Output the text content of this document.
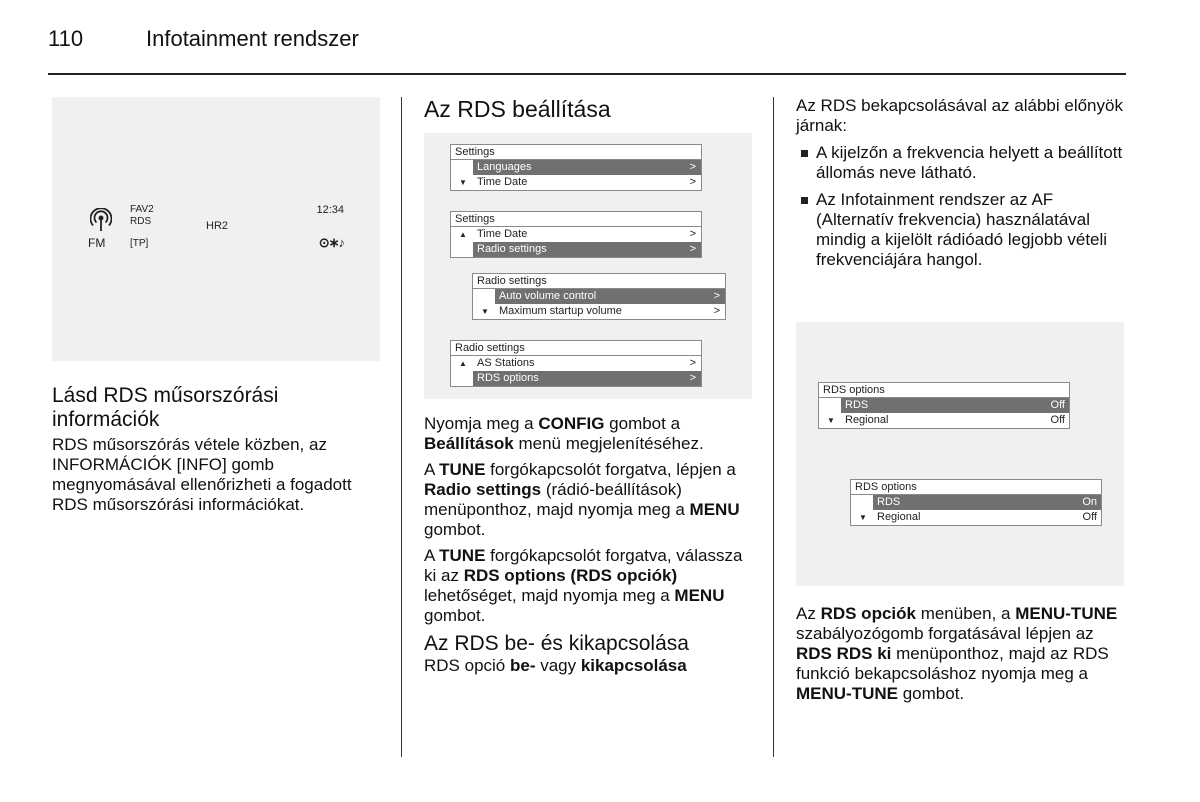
110	Infotainment rendszer
FM
FAV2
RDS
[TP]
HR2
12:34
⊙∗♪
Lásd RDS műsorszórási információk
RDS műsorszórás vétele közben, az INFORMÁCIÓK [INFO] gomb megnyomásával ellenőrizheti a fogadott RDS műsorszórási információkat.
Az RDS beállítása
Settings
Languages	>
▼ Time Date	>
Settings
▲ Time Date	>
Radio settings	>
Radio settings
Auto volume control	>
▼ Maximum startup volume	>
Radio settings
▲ AS Stations	>
RDS options	>

Nyomja meg a CONFIG gombot a Beállítások menü megjelenítéséhez.

A TUNE forgókapcsolót forgatva, lépjen a Radio settings (rádió-beállítások) menüponthoz, majd nyomja meg a MENU gombot.

A TUNE forgókapcsolót forgatva, válassza ki az RDS options (RDS opciók) lehetőséget, majd nyomja meg a MENU gombot.

Az RDS be- és kikapcsolása

RDS opció be- vagy kikapcsolása

Az RDS bekapcsolásával az alábbi előnyök járnak:

A kijelzőn a frekvencia helyett a beállított állomás neve látható.
Az Infotainment rendszer az AF (Alternatív frekvencia) használatával mindig a kijelölt rádióadó legjobb vételi frekvenciájára hangol.
RDS options
RDS	Off
▼ Regional	Off
RDS options
RDS	On
▼ Regional	Off
Az RDS opciók menüben, a MENU-TUNE szabályozógomb forgatásával lépjen az RDS RDS ki menüponthoz, majd az RDS funkció bekapcsoláshoz nyomja meg a MENU-TUNE gombot.
